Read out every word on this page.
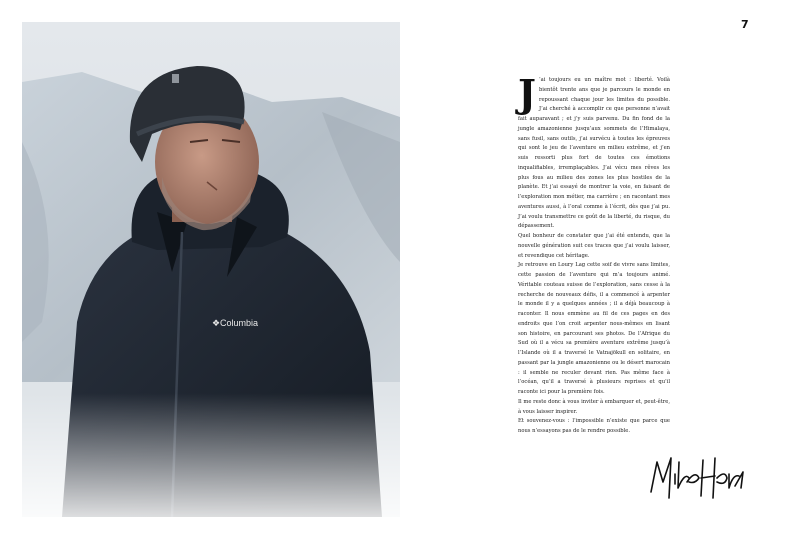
7

J ’ai toujours eu un maître mot : liberté. Voilà bientôt trente ans que je parcours le monde en repoussant chaque jour les limites du possible. J’ai cherché à accomplir ce que personne n’avait fait auparavant ; et j’y suis parvenu. Du fin fond de la jungle amazonienne jusqu’aux sommets de l’Himalaya, sans fusil, sans outils, j’ai survécu à toutes les épreuves qui sont le jeu de l’aventure en milieu extrême, et j’en suis ressorti plus fort de toutes ces émotions inqualifiables, irremplaçables. J’ai vécu mes rêves les plus fous au milieu des zones les plus hostiles de la planète. Et j’ai essayé de montrer la voie, en faisant de l’exploration mon métier, ma carrière ; en racontant mes aventures aussi, à l’oral comme à l’écrit, dès que j’ai pu. J’ai voulu transmettre ce goût de la liberté, du risque, du dépassement.

Quel bonheur de constater que j’ai été entendu, que la nouvelle génération suit ces traces que j’ai voulu laisser, et revendique cet héritage.

Je retrouve en Loury Lag cette soif de vivre sans limites, cette passion de l’aventure qui m’a toujours animé. Véritable couteau suisse de l’exploration, sans cesse à la recherche de nouveaux défis, il a commencé à arpenter le monde il y a quelques années ; il a déjà beaucoup à raconter. Il nous emmène au fil de ces pages en des endroits que l’on croit arpenter nous-mêmes en lisant son histoire, en parcourant ses photos. De l’Afrique du Sud où il a vécu sa première aventure extrême jusqu’à l’Islande où il a traversé le Vatnajökull en solitaire, en passant par la jungle amazonienne ou le désert marocain : il semble ne reculer devant rien. Pas même face à l’océan, qu’il a traversé à plusieurs reprises et qu’il raconte ici pour la première fois.

Il me reste donc à vous inviter à embarquer et, peut-être, à vous laisser inspirer.

Et souvenez-vous : l’impossible n’existe que parce que nous n’essayons pas de le rendre possible.
